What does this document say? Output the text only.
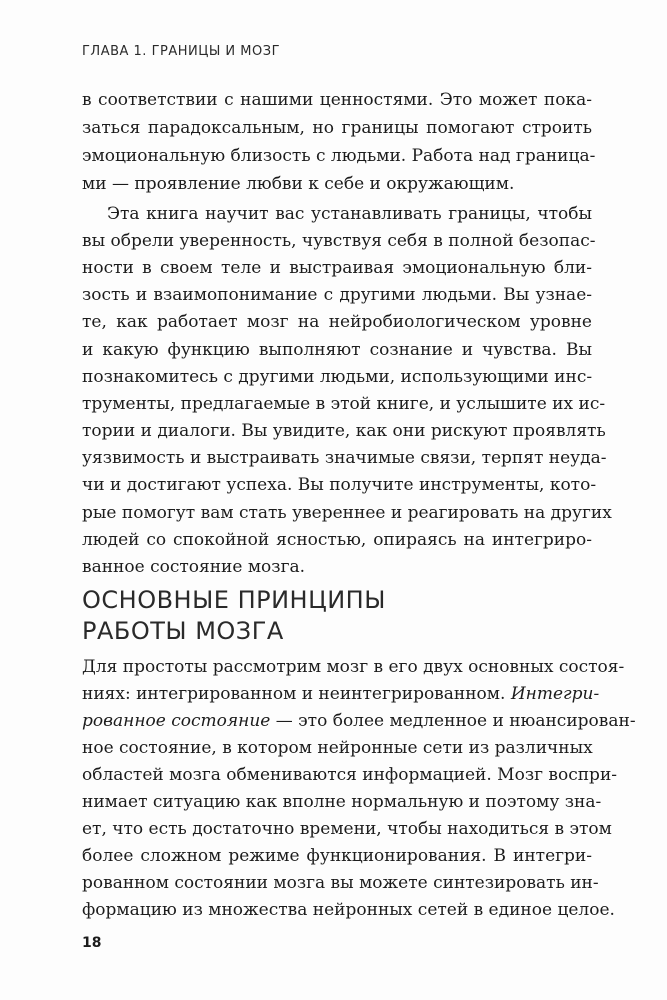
ГЛАВА 1. ГРАНИЦЫ И МОЗГ
в соответствии с нашими ценностями. Это может пока-
заться парадоксальным, но границы помогают строить
эмоциональную близость с людьми. Работа над граница-
ми — проявление любви к себе и окружающим.
Эта книга научит вас устанавливать границы, чтобы
вы обрели уверенность, чувствуя себя в полной безопас-
ности в своем теле и выстраивая эмоциональную бли-
зость и взаимопонимание с другими людьми. Вы узнае-
те, как работает мозг на нейробиологическом уровне
и какую функцию выполняют сознание и чувства. Вы
познакомитесь с другими людьми, использующими инс-
трументы, предлагаемые в этой книге, и услышите их ис-
тории и диалоги. Вы увидите, как они рискуют проявлять
уязвимость и выстраивать значимые связи, терпят неуда-
чи и достигают успеха. Вы получите инструменты, кото-
рые помогут вам стать увереннее и реагировать на других
людей со спокойной ясностью, опираясь на интегриро-
ванное состояние мозга.
ОСНОВНЫЕ ПРИНЦИПЫ
РАБОТЫ МОЗГА
Для простоты рассмотрим мозг в его двух основных состоя-
ниях: интегрированном и неинтегрированном. Интегри-
рованное состояние — это более медленное и нюансирован-
ное состояние, в котором нейронные сети из различных
областей мозга обмениваются информацией. Мозг воспри-
нимает ситуацию как вполне нормальную и поэтому зна-
ет, что есть достаточно времени, чтобы находиться в этом
более сложном режиме функционирования. В интегри-
18
рованном состоянии мозга вы можете синтезировать ин-
формацию из множества нейронных сетей в единое целое.
